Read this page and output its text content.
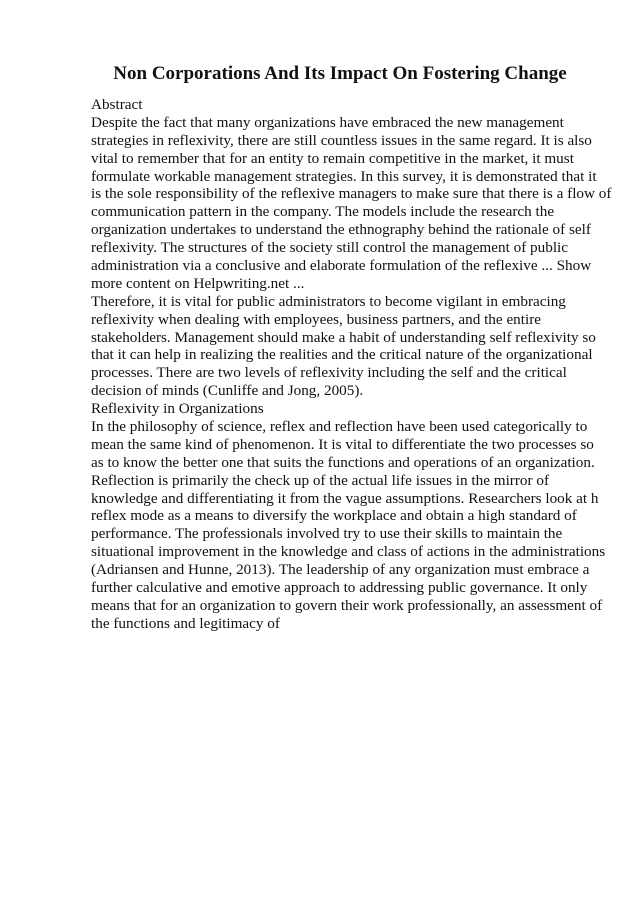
Non Corporations And Its Impact On Fostering Change
Abstract
Despite the fact that many organizations have embraced the new management
strategies in reflexivity, there are still countless issues in the same regard. It is also
vital to remember that for an entity to remain competitive in the market, it must
formulate workable management strategies. In this survey, it is demonstrated that it
is the sole responsibility of the reflexive managers to make sure that there is a flow of
communication pattern in the company. The models include the research the
organization undertakes to understand the ethnography behind the rationale of self
reflexivity. The structures of the society still control the management of public
administration via a conclusive and elaborate formulation of the reflexive ... Show
more content on Helpwriting.net ...
Therefore, it is vital for public administrators to become vigilant in embracing
reflexivity when dealing with employees, business partners, and the entire
stakeholders. Management should make a habit of understanding self reflexivity so
that it can help in realizing the realities and the critical nature of the organizational
processes. There are two levels of reflexivity including the self and the critical
decision of minds (Cunliffe and Jong, 2005).
Reflexivity in Organizations
In the philosophy of science, reflex and reflection have been used categorically to
mean the same kind of phenomenon. It is vital to differentiate the two processes so
as to know the better one that suits the functions and operations of an organization.
Reflection is primarily the check up of the actual life issues in the mirror of
knowledge and differentiating it from the vague assumptions. Researchers look at h
reflex mode as a means to diversify the workplace and obtain a high standard of
performance. The professionals involved try to use their skills to maintain the
situational improvement in the knowledge and class of actions in the administrations
(Adriansen and Hunne, 2013). The leadership of any organization must embrace a
further calculative and emotive approach to addressing public governance. It only
means that for an organization to govern their work professionally, an assessment of
the functions and legitimacy of
